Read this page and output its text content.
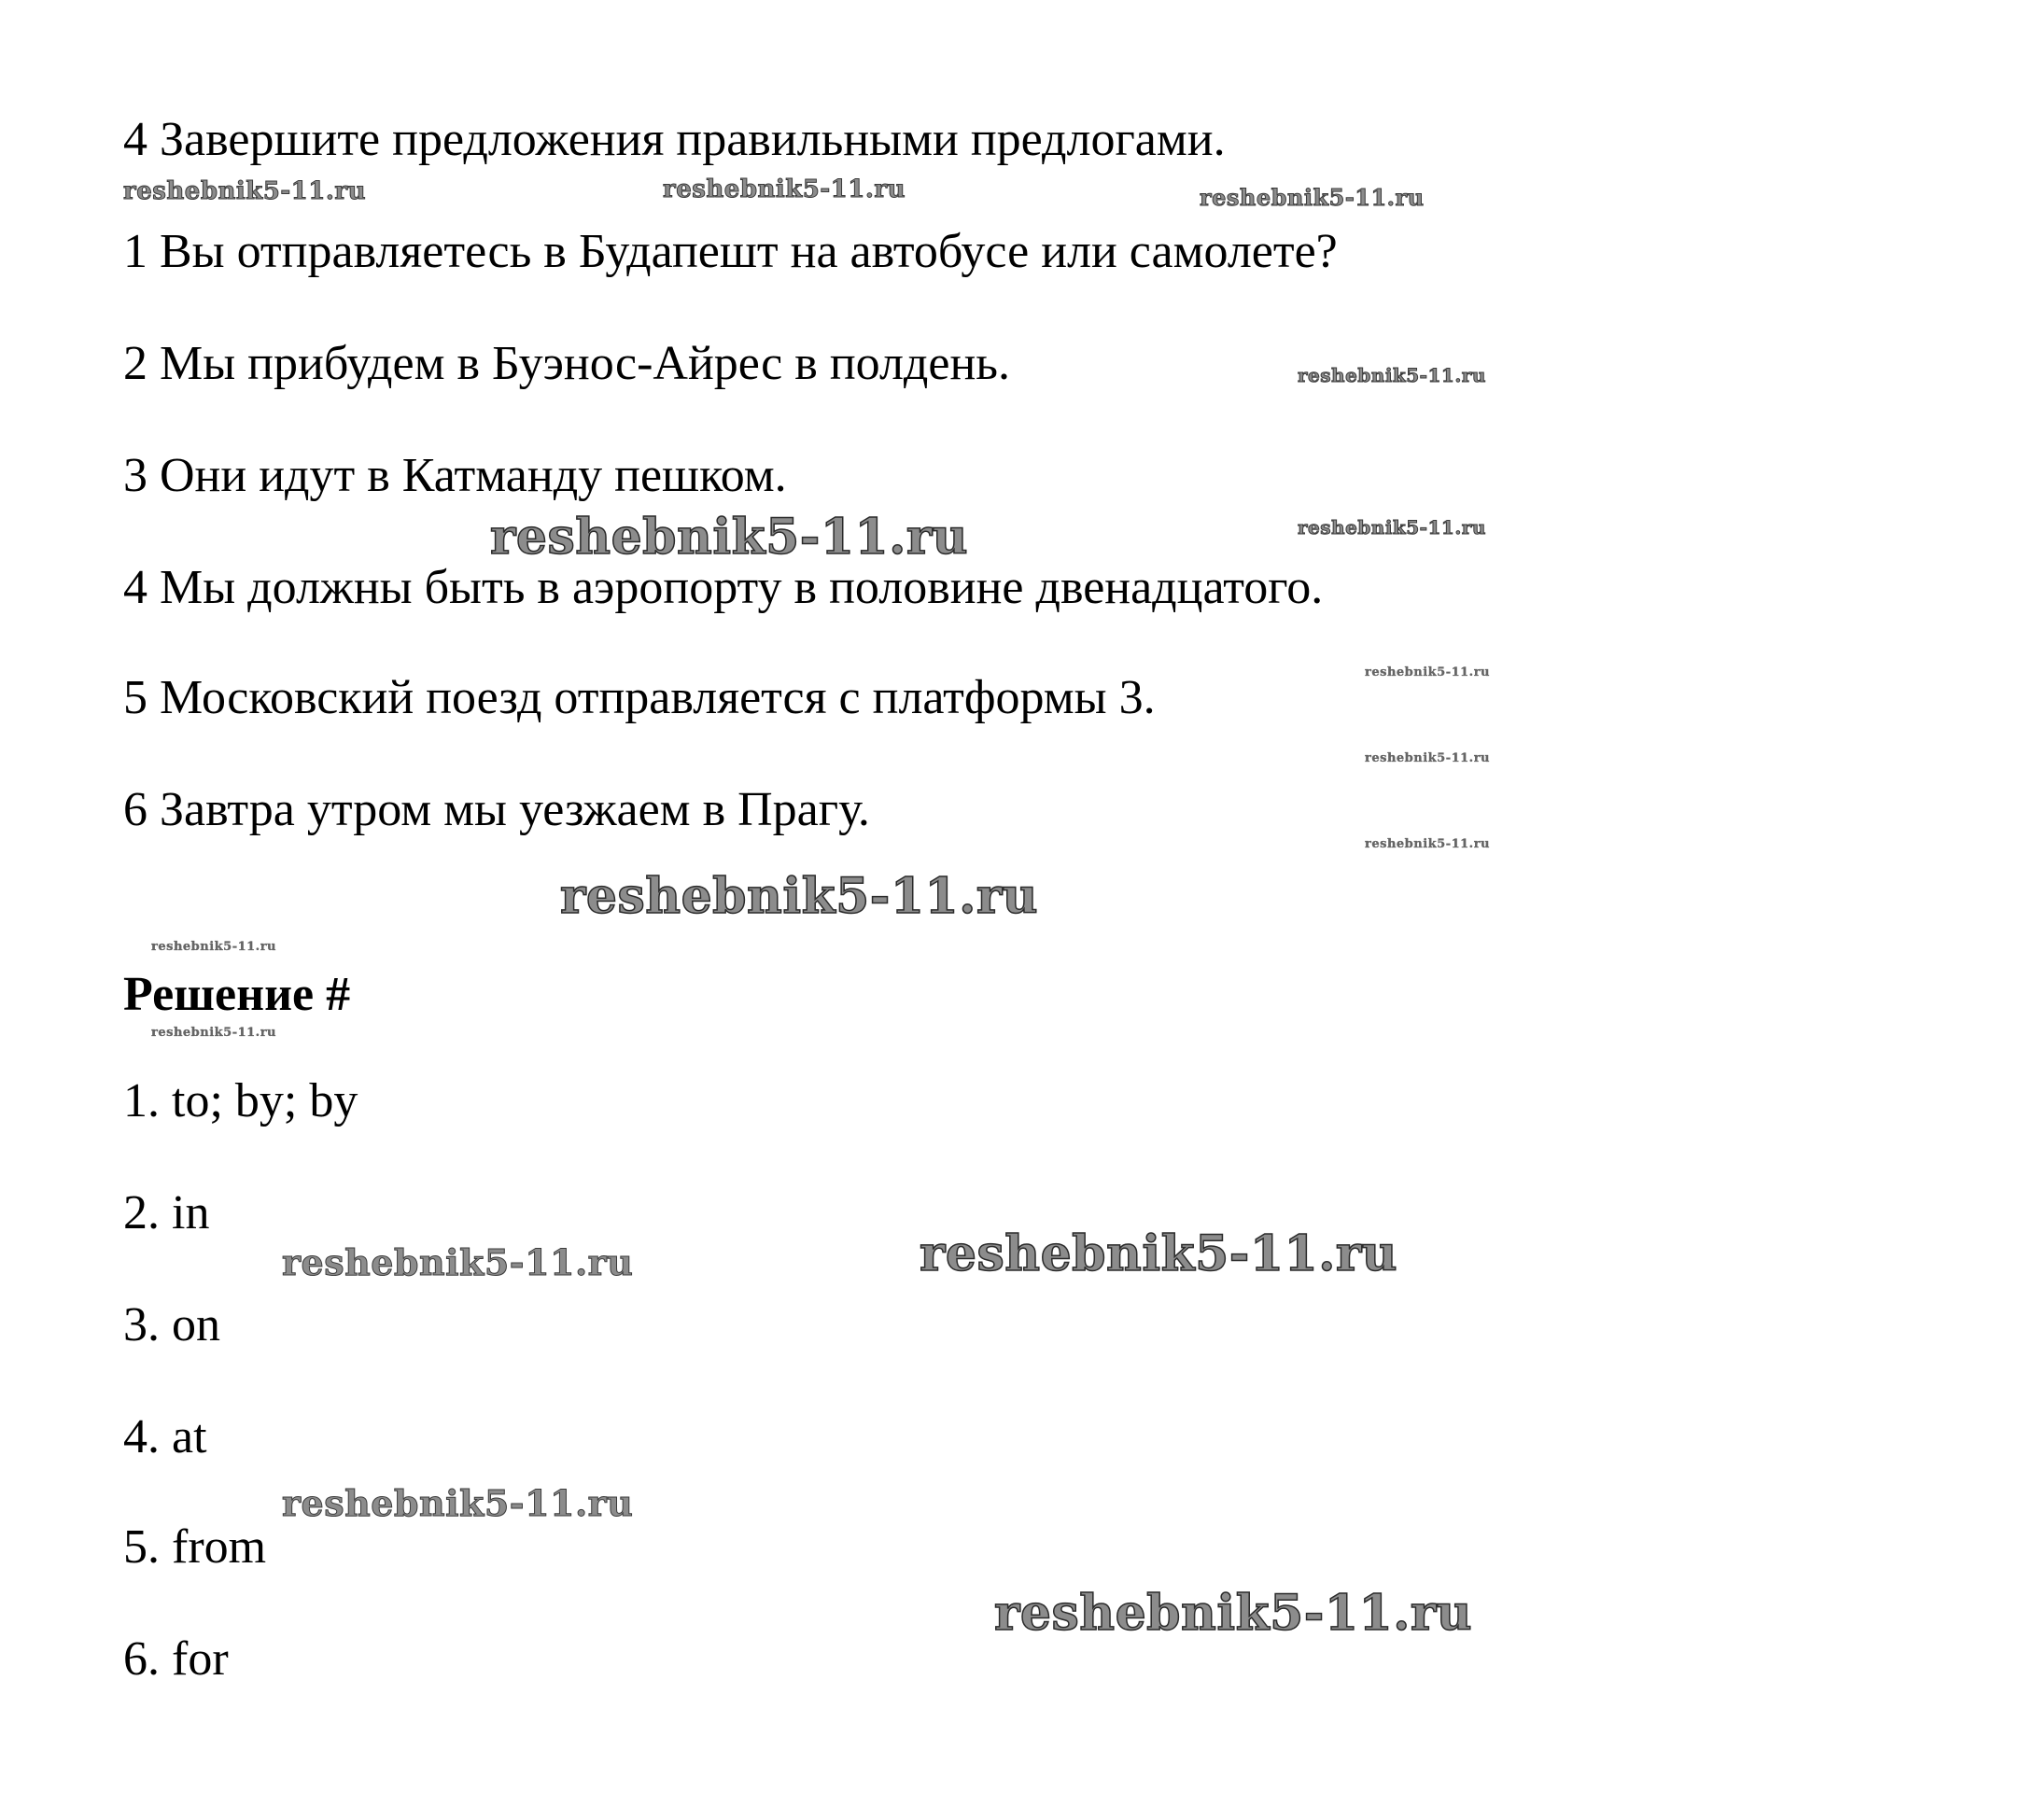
4 Завершите предложения правильными предлогами.
1 Вы отправляетесь в Будапешт на автобусе или самолете?
2 Мы прибудем в Буэнос-Айрес в полдень.
3 Они идут в Катманду пешком.
4 Мы должны быть в аэропорту в половине двенадцатого.
5 Московский поезд отправляется с платформы 3.
6 Завтра утром мы уезжаем в Прагу.
Решение #
1. to; by; by
2. in
3. on
4. at
5. from
6. for
reshebnik5-11.ru	reshebnik5-11.ru	reshebnik5-11.ru
reshebnik5-11.ru
reshebnik5-11.ru	reshebnik5-11.ru
reshebnik5-11.ru
reshebnik5-11.ru
reshebnik5-11.ru
reshebnik5-11.ru
reshebnik5-11.ru
reshebnik5-11.ru
reshebnik5-11.ru	reshebnik5-11.ru
reshebnik5-11.ru
reshebnik5-11.ru
